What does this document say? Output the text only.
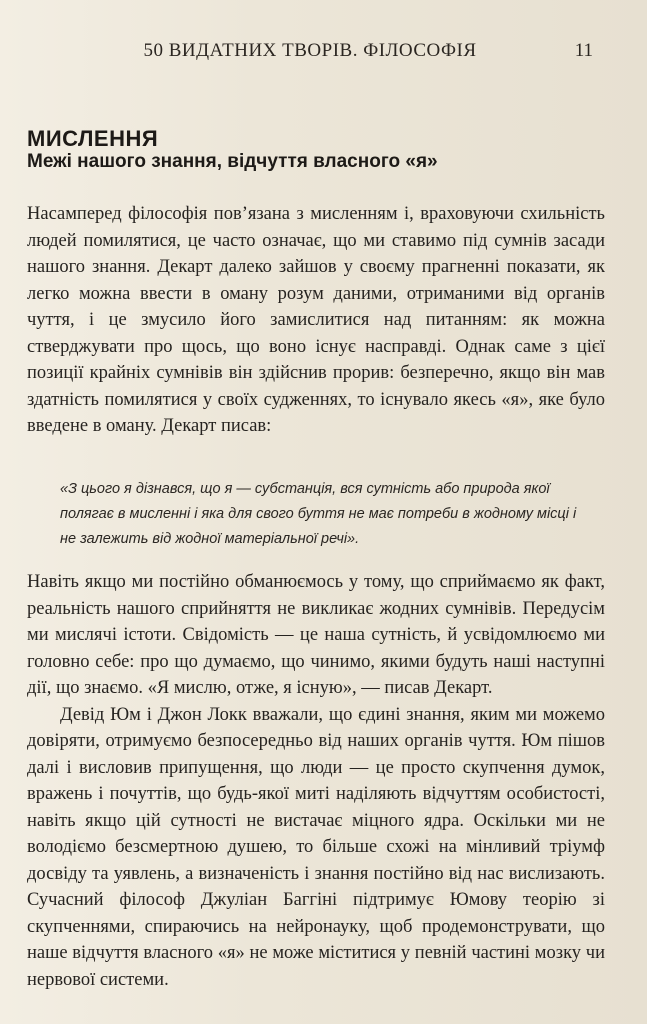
50 ВИДАТНИХ ТВОРІВ. ФІЛОСОФІЯ	11
МИСЛЕННЯ
Межі нашого знання, відчуття власного «я»

Насамперед філософія пов’язана з мисленням і, враховуючи схильність людей помилятися, це часто означає, що ми ставимо під сумнів засади нашого знання. Декарт далеко зайшов у своєму прагненні показати, як легко можна ввести в оману розум даними, отриманими від органів чуття, і це змусило його замислитися над питанням: як можна стверджувати про щось, що воно існує насправді. Однак саме з цієї позиції крайніх сумнівів він здійснив прорив: безперечно, якщо він мав здатність помилятися у своїх судженнях, то існувало якесь «я», яке було введене в оману. Декарт писав:

«З цього я дізнався, що я — субстанція, вся сутність або природа якої полягає в мисленні і яка для свого буття не має потреби в жодному місці і не залежить від жодної матеріальної речі».

Навіть якщо ми постійно обманюємось у тому, що сприймаємо як факт, реальність нашого сприйняття не викликає жодних сумнівів. Передусім ми мислячі істоти. Свідомість — це наша сутність, й усвідомлюємо ми головно себе: про що думаємо, що чинимо, якими будуть наші наступні дії, що знаємо. «Я мислю, отже, я існую», — писав Декарт.

Девід Юм і Джон Локк вважали, що єдині знання, яким ми можемо довіряти, отримуємо безпосередньо від наших органів чуття. Юм пішов далі і висловив припущення, що люди — це просто скупчення думок, вражень і почуттів, що будь-якої миті наділяють відчуттям особистості, навіть якщо цій сутності не вистачає міцного ядра. Оскільки ми не володіємо безсмертною душею, то більше схожі на мінливий тріумф досвіду та уявлень, а визначеність і знання постійно від нас вислизають. Сучасний філософ Джуліан Баггіні підтримує Юмову теорію зі скупченнями, спираючись на нейронауку, щоб продемонструвати, що наше відчуття власного «я» не може міститися у певній частині мозку чи нервової системи.
